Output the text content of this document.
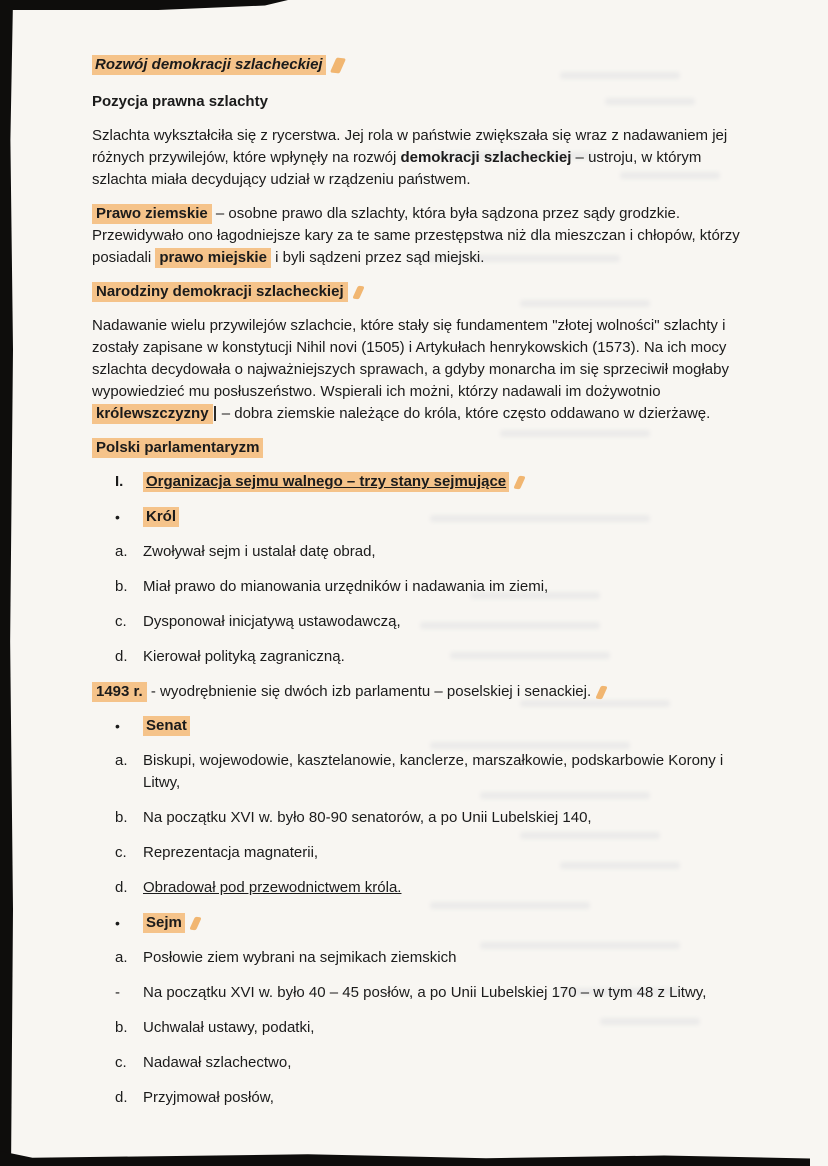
Rozwój demokracji szlacheckiej

Pozycja prawna szlachty

Szlachta wykształciła się z rycerstwa. Jej rola w państwie zwiększała się wraz z nadawaniem jej różnych przywilejów, które wpłynęły na rozwój demokracji szlacheckiej – ustroju, w którym szlachta miała decydujący udział w rządzeniu państwem.

Prawo ziemskie – osobne prawo dla szlachty, która była sądzona przez sądy grodzkie. Przewidywało ono łagodniejsze kary za te same przestępstwa niż dla mieszczan i chłopów, którzy posiadali prawo miejskie i byli sądzeni przez sąd miejski.

Narodziny demokracji szlacheckiej

Nadawanie wielu przywilejów szlachcie, które stały się fundamentem "złotej wolności" szlachty i zostały zapisane w konstytucji Nihil novi (1505) i Artykułach henrykowskich (1573). Na ich mocy szlachta decydowała o najważniejszych sprawach, a gdyby monarcha im się sprzeciwił mogłaby wypowiedzieć mu posłuszeństwo. Wspierali ich możni, którzy nadawali im dożywotnio królewszczyzny – dobra ziemskie należące do króla, które często oddawano w dzierżawę.

Polski parlamentaryzm

I.	Organizacja sejmu walnego – trzy stany sejmujące
•	Król
a.	Zwoływał sejm i ustalał datę obrad,
b.	Miał prawo do mianowania urzędników i nadawania im ziemi,
c.	Dysponował inicjatywą ustawodawczą,
d.	Kierował polityką zagraniczną.

1493 r. - wyodrębnienie się dwóch izb parlamentu – poselskiej i senackiej.

•	Senat
a.	Biskupi, wojewodowie, kasztelanowie, kanclerze, marszałkowie, podskarbowie Korony i Litwy,
b.	Na początku XVI w. było 80-90 senatorów, a po Unii Lubelskiej 140,
c.	Reprezentacja magnaterii,
d.	Obradował pod przewodnictwem króla.
•	Sejm
a.	Posłowie ziem wybrani na sejmikach ziemskich
-	Na początku XVI w. było 40 – 45 posłów, a po Unii Lubelskiej 170 – w tym 48 z Litwy,
b.	Uchwalał ustawy, podatki,
c.	Nadawał szlachectwo,
d.	Przyjmował posłów,
